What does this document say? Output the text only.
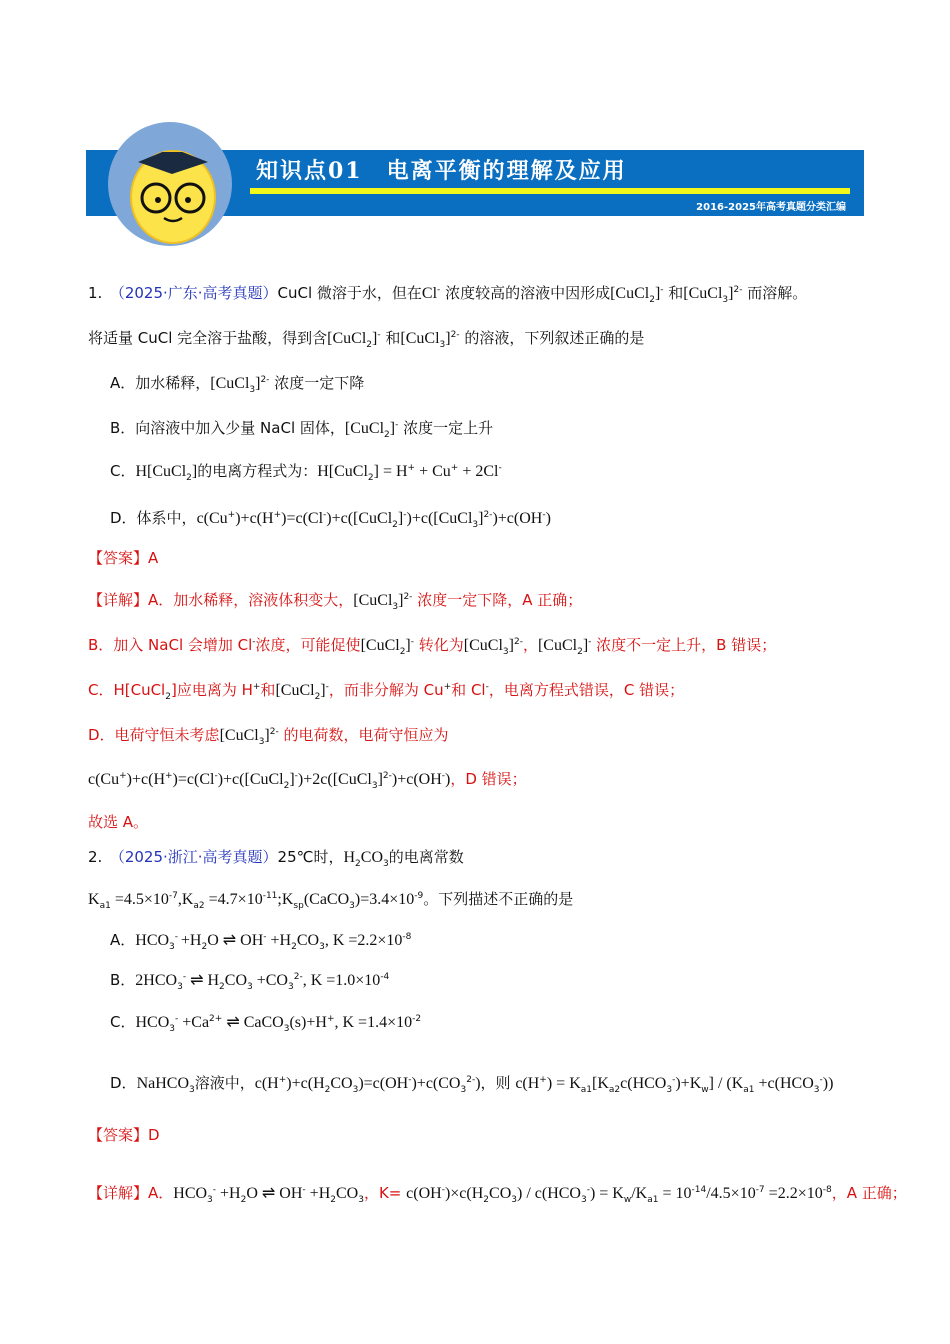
知识点01　电离平衡的理解及应用
2016-2025年高考真题分类汇编
1.　（2025·广东·高考真题）CuCl 微溶于水，但在Cl- 浓度较高的溶液中因形成[CuCl$_2$]- 和[CuCl$_3$]$^{2-}$ 而溶解。
将适量 CuCl 完全溶于盐酸，得到含[CuCl$_2$]- 和[CuCl$_3$]$^{2-}$ 的溶液，下列叙述正确的是
A．加水稀释，[CuCl$_3$]$^{2-}$ 浓度一定下降
B．向溶液中加入少量 NaCl 固体，[CuCl$_2$]- 浓度一定上升
C．H[CuCl$_2$]的电离方程式为：H[CuCl$_2$] = H+ + Cu+ + 2Cl-
D．体系中，c(Cu+)+c(H+)=c(Cl-)+c([CuCl$_2$]-)+c([CuCl$_3$]$^{2-}$)+c(OH-)
【答案】A
【详解】A．加水稀释，溶液体积变大，[CuCl$_3$]$^{2-}$ 浓度一定下降，A 正确；
B．加入 NaCl 会增加 Cl-浓度，可能促使[CuCl$_2$]- 转化为[CuCl$_3$]$^{2-}$，[CuCl$_2$]- 浓度不一定上升，B 错误；
C．H[CuCl$_2$]应电离为 H+和[CuCl$_2$]-，而非分解为 Cu+和 Cl-，电离方程式错误，C 错误；
D．电荷守恒未考虑[CuCl$_3$]$^{2-}$ 的电荷数，电荷守恒应为
c(Cu+)+c(H+)=c(Cl-)+c([CuCl$_2$]-)+2c([CuCl$_3$]$^{2-}$)+c(OH-)，D 错误；
故选 A。
2.　（2025·浙江·高考真题）25℃时，$H_2CO_3$的电离常数
$K_{a1} =4.5\times 10^{-7},K_{a2}$ $=4.7\times 10^{-11};K_{sp}(CaCO_3)=3.4\times 10^{-9}$。下列描述不正确的是
A．$HCO_3^- +H_2O$ ⇌ $OH^- +H_2CO_3$, $K =2.2\times 10^{-8}$
B．$2HCO_3^-$ ⇌ $H_2CO_3 +CO_3^{2-}$, $K =1.0\times 10^{-4}$
C．$HCO_3^- +Ca^{2+}$ ⇌ CaCO$_3$(s)+H+, $K =1.4\times 10^{-2}$
D．NaHCO$_3$溶液中，$c(H^+)+c(H_2CO_3)=c(OH^-)+c(CO_3^{2-})$，则 $c(H^+) = K_{a1}[K_{a2}c(HCO_3^-)+K_w] / (K_{a1} +c(HCO_3^-))$
【答案】D
【详解】A．$HCO_3^- +H_2O$ ⇌ $OH^- +H_2CO_3$，$K= c(OH^-)\times c(H_2CO_3) / c(HCO_3^-) = K_w/K_{a1} = 10^{-14}/4.5\times 10^{-7} =2.2\times 10^{-8}$，A 正确；
